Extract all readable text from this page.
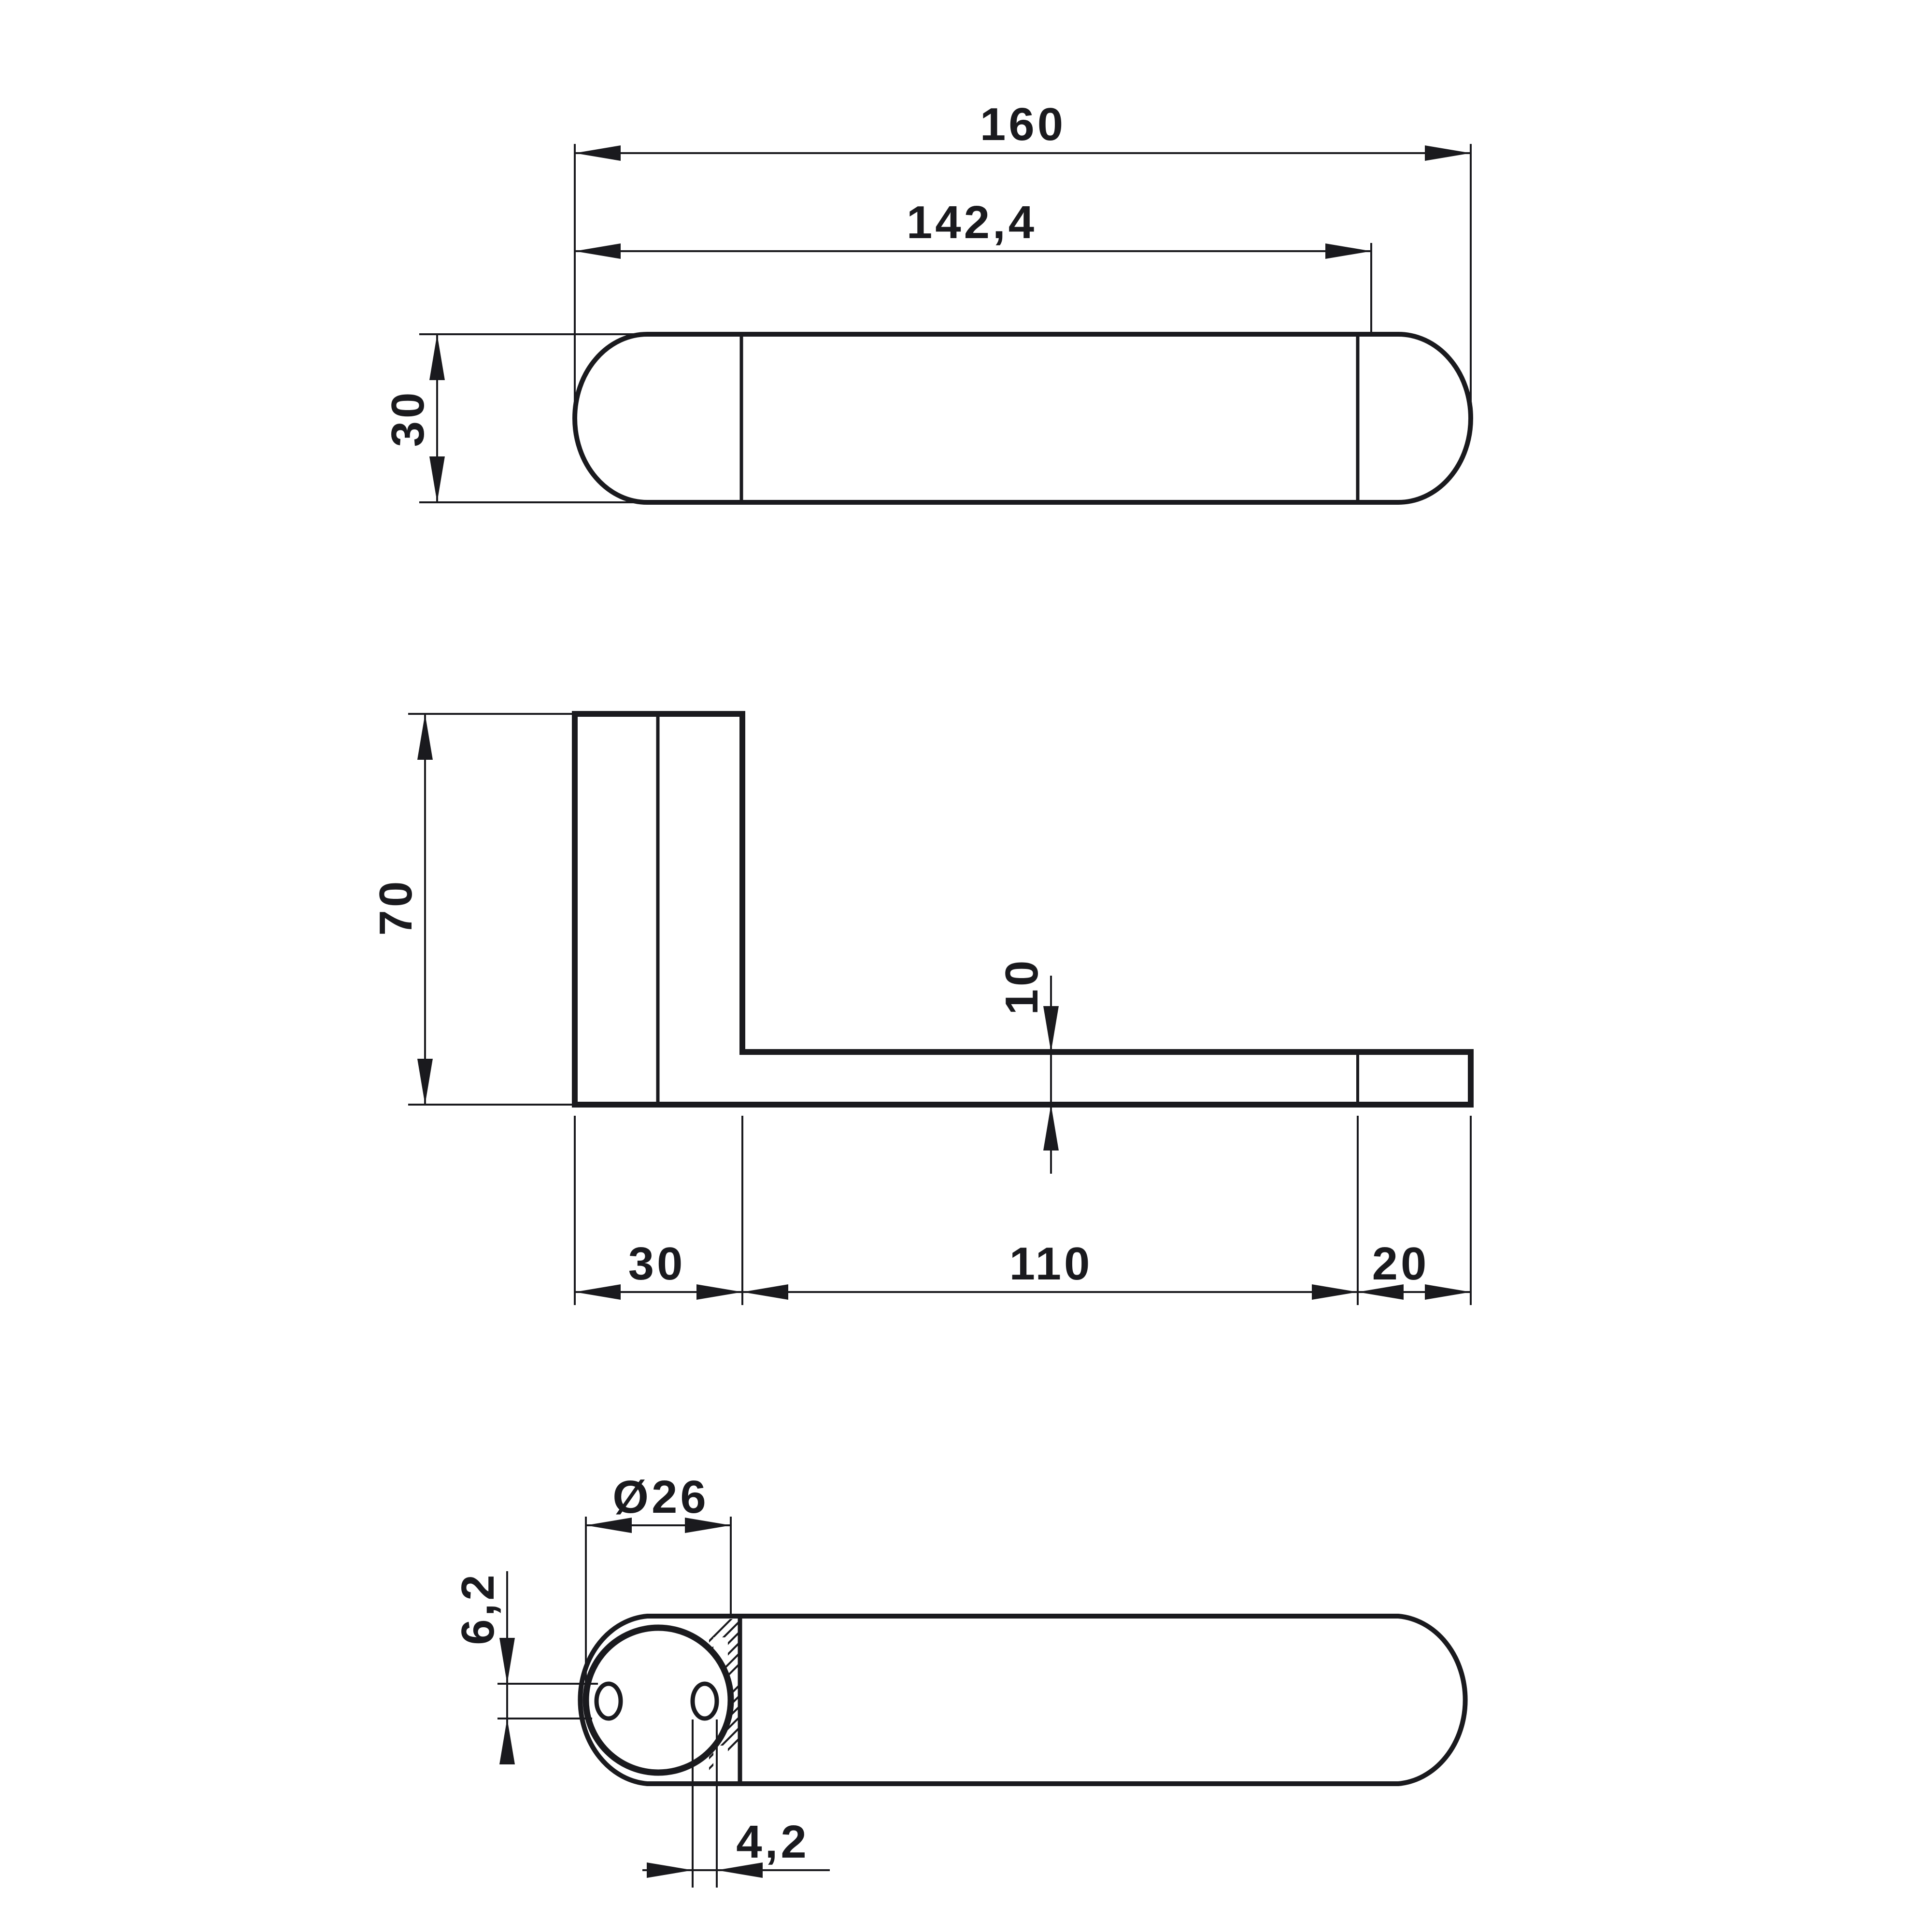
160
142,4
30
70
10
30	110	20
Ø26
6,2
4,2
